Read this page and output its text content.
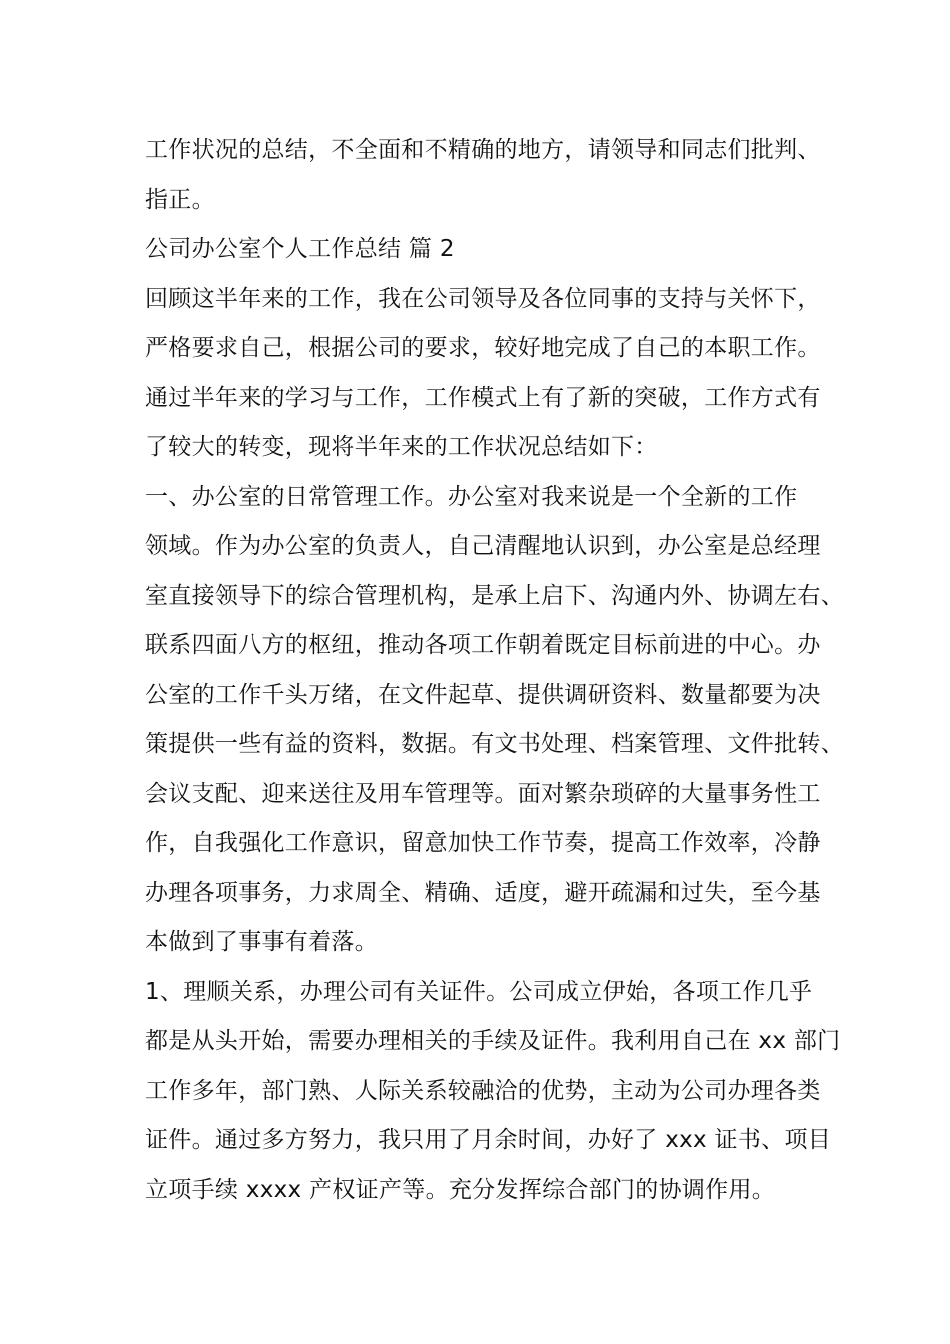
工作状况的总结，不全面和不精确的地方，请领导和同志们批判、
指正。
公司办公室个人工作总结 篇 2
回顾这半年来的工作，我在公司领导及各位同事的支持与关怀下，
严格要求自己，根据公司的要求，较好地完成了自己的本职工作。
通过半年来的学习与工作，工作模式上有了新的突破，工作方式有
了较大的转变，现将半年来的工作状况总结如下：
一、办公室的日常管理工作。办公室对我来说是一个全新的工作
领域。作为办公室的负责人，自己清醒地认识到，办公室是总经理
室直接领导下的综合管理机构，是承上启下、沟通内外、协调左右、
联系四面八方的枢纽，推动各项工作朝着既定目标前进的中心。办
公室的工作千头万绪，在文件起草、提供调研资料、数量都要为决
策提供一些有益的资料，数据。有文书处理、档案管理、文件批转、
会议支配、迎来送往及用车管理等。面对繁杂琐碎的大量事务性工
作，自我强化工作意识，留意加快工作节奏，提高工作效率，冷静
办理各项事务，力求周全、精确、适度，避开疏漏和过失，至今基
本做到了事事有着落。
1、理顺关系，办理公司有关证件。公司成立伊始，各项工作几乎
都是从头开始，需要办理相关的手续及证件。我利用自己在 xx 部门
工作多年，部门熟、人际关系较融洽的优势，主动为公司办理各类
证件。通过多方努力，我只用了月余时间，办好了 xxx 证书、项目
立项手续 xxxx 产权证产等。充分发挥综合部门的协调作用。
